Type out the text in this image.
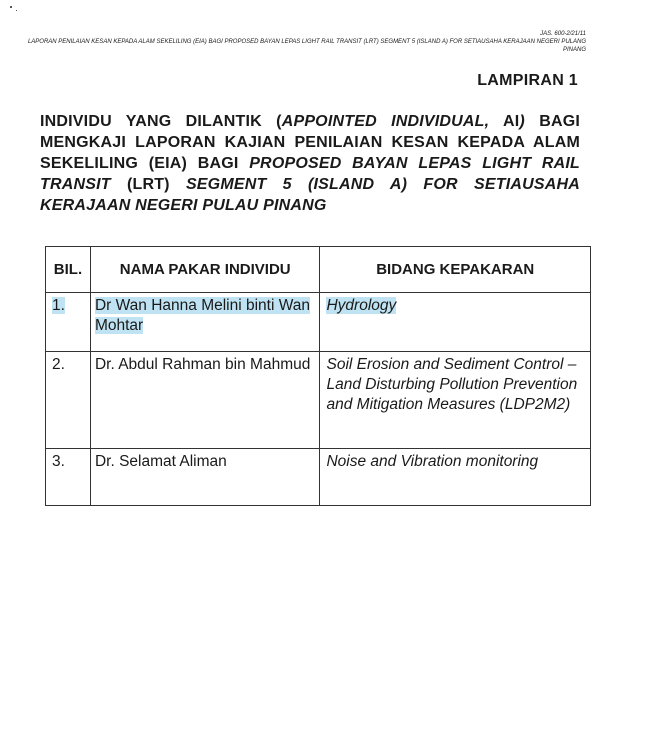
JAS. 600-2/21/11
LAPORAN PENILAIAN KESAN KEPADA ALAM SEKELILING (EIA) BAGI PROPOSED BAYAN LEPAS LIGHT RAIL TRANSIT (LRT) SEGMENT 5 (ISLAND A) FOR SETIAUSAHA KERAJAAN NEGERI PULANG PINANG
LAMPIRAN 1
INDIVIDU YANG DILANTIK (APPOINTED INDIVIDUAL, AI) BAGI MENGKAJI LAPORAN KAJIAN PENILAIAN KESAN KEPADA ALAM SEKELILING (EIA) BAGI PROPOSED BAYAN LEPAS LIGHT RAIL TRANSIT (LRT) SEGMENT 5 (ISLAND A) FOR SETIAUSAHA KERAJAAN NEGERI PULAU PINANG
BIL.	NAMA PAKAR INDIVIDU	BIDANG KEPAKARAN

1.	Dr Wan Hanna Melini binti Wan Mohtar	Hydrology

2.	Dr. Abdul Rahman bin Mahmud	Soil Erosion and Sediment Control – Land Disturbing Pollution Prevention and Mitigation Measures (LDP2M2)

3.	Dr. Selamat Aliman	Noise and Vibration monitoring
